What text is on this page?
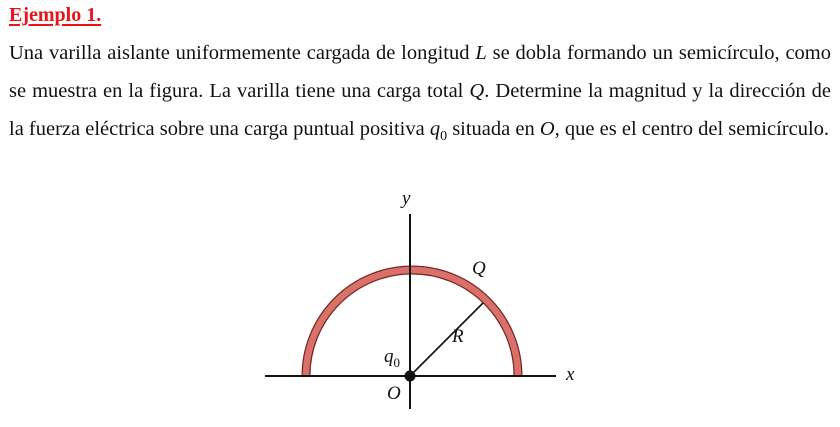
Ejemplo 1.

Una varilla aislante uniformemente cargada de longitud L se dobla formando un semicírculo, como se muestra en la figura. La varilla tiene una carga total Q. Determine la magnitud y la dirección de la fuerza eléctrica sobre una carga puntual positiva $q_0$ situada en O, que es el centro del semicírculo.

y
x
Q
R
$q_0$
O
